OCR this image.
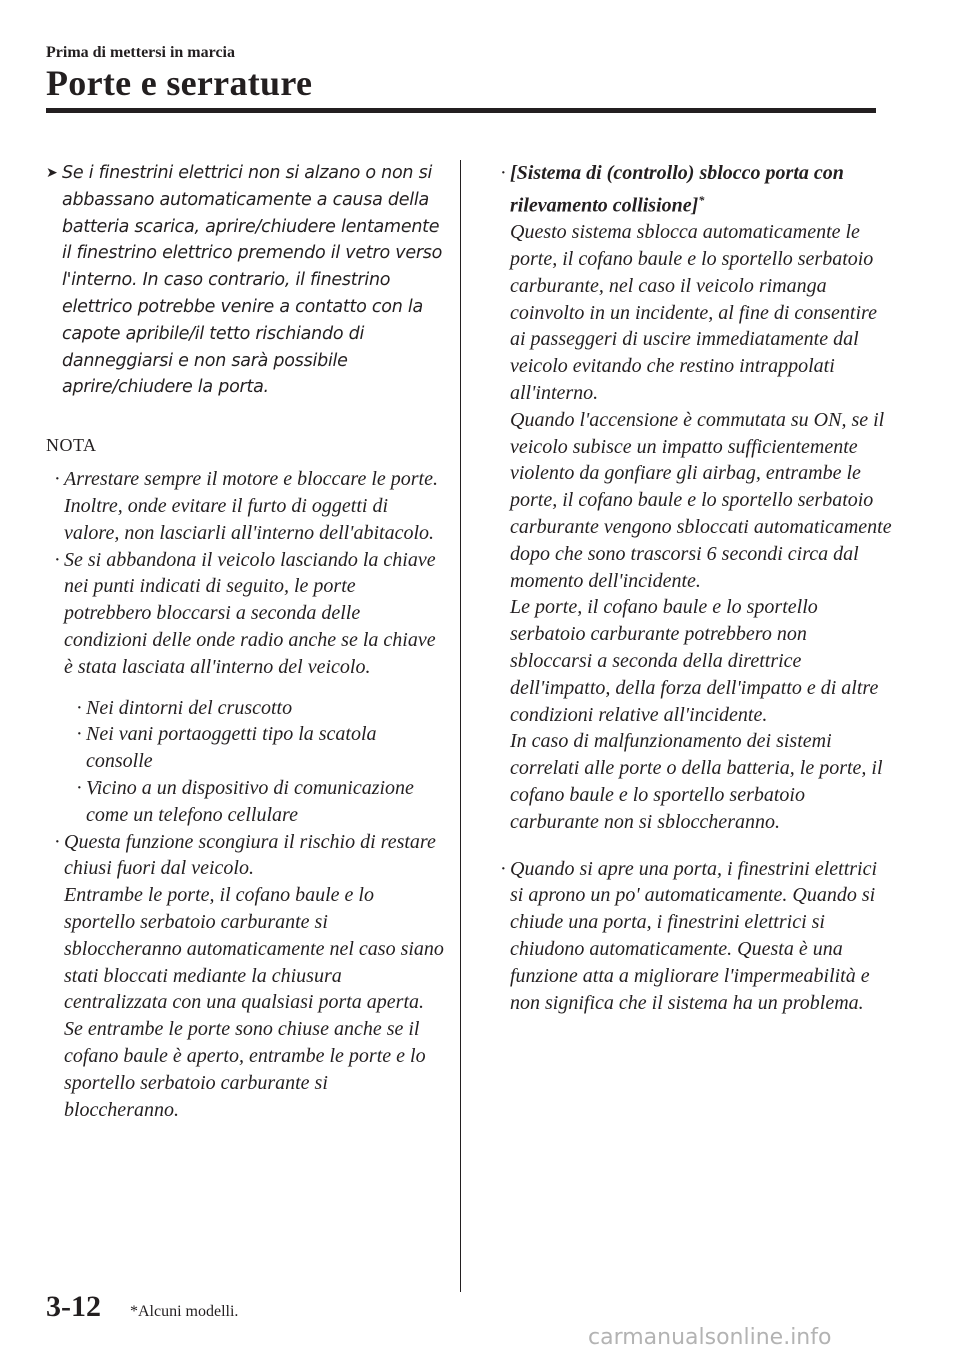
Prima di mettersi in marcia
Porte e serrature
➤ Se i finestrini elettrici non si alzano o non si abbassano automaticamente a causa della batteria scarica, aprire/chiudere lentamente il finestrino elettrico premendo il vetro verso l'interno. In caso contrario, il finestrino elettrico potrebbe venire a contatto con la capote apribile/il tetto rischiando di danneggiarsi e non sarà possibile aprire/chiudere la porta.
NOTA
· Arrestare sempre il motore e bloccare le porte. Inoltre, onde evitare il furto di oggetti di valore, non lasciarli all'interno dell'abitacolo.
· Se si abbandona il veicolo lasciando la chiave nei punti indicati di seguito, le porte potrebbero bloccarsi a seconda delle condizioni delle onde radio anche se la chiave è stata lasciata all'interno del veicolo.
· Nei dintorni del cruscotto
· Nei vani portaoggetti tipo la scatola consolle
· Vicino a un dispositivo di comunicazione come un telefono cellulare
· Questa funzione scongiura il rischio di restare chiusi fuori dal veicolo.
Entrambe le porte, il cofano baule e lo sportello serbatoio carburante si sbloccheranno automaticamente nel caso siano stati bloccati mediante la chiusura centralizzata con una qualsiasi porta aperta.
Se entrambe le porte sono chiuse anche se il cofano baule è aperto, entrambe le porte e lo sportello serbatoio carburante si bloccheranno.
· [Sistema di (controllo) sblocco porta con rilevamento collisione]*
Questo sistema sblocca automaticamente le porte, il cofano baule e lo sportello serbatoio carburante, nel caso il veicolo rimanga coinvolto in un incidente, al fine di consentire ai passeggeri di uscire immediatamente dal veicolo evitando che restino intrappolati all'interno.
Quando l'accensione è commutata su ON, se il veicolo subisce un impatto sufficientemente violento da gonfiare gli airbag, entrambe le porte, il cofano baule e lo sportello serbatoio carburante vengono sbloccati automaticamente dopo che sono trascorsi 6 secondi circa dal momento dell'incidente.
Le porte, il cofano baule e lo sportello serbatoio carburante potrebbero non sbloccarsi a seconda della direttrice dell'impatto, della forza dell'impatto e di altre condizioni relative all'incidente.
In caso di malfunzionamento dei sistemi correlati alle porte o della batteria, le porte, il cofano baule e lo sportello serbatoio carburante non si sbloccheranno.
· Quando si apre una porta, i finestrini elettrici si aprono un po' automaticamente. Quando si chiude una porta, i finestrini elettrici si chiudono automaticamente. Questa è una funzione atta a migliorare l'impermeabilità e non significa che il sistema ha un problema.
3-12 *Alcuni modelli.
carmanualsonline.info
